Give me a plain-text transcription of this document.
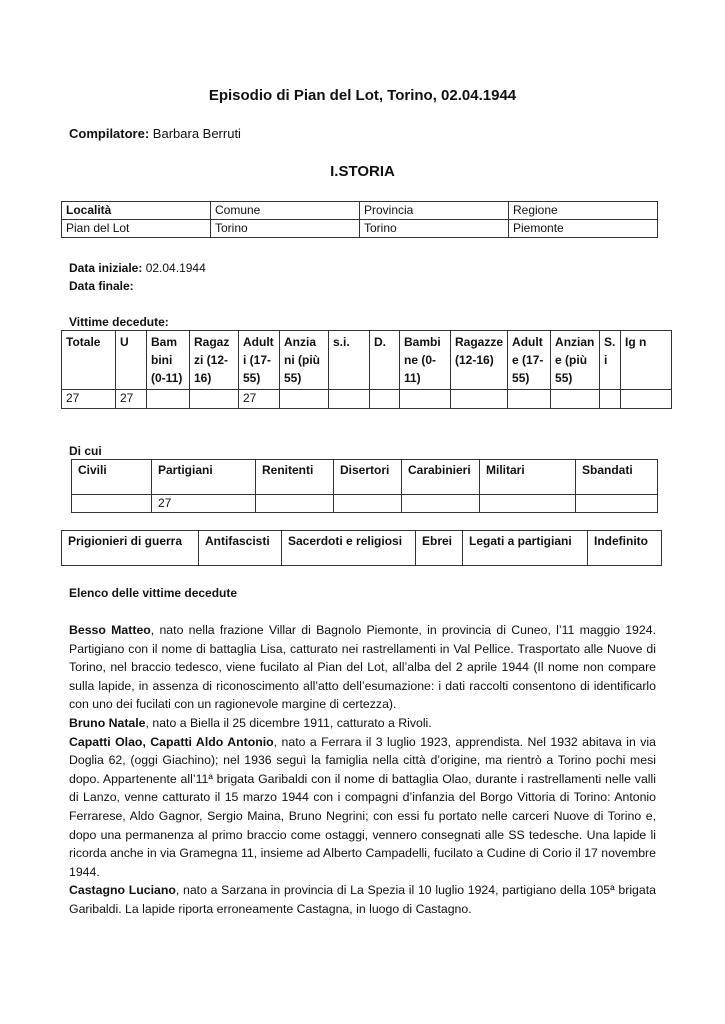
Episodio di Pian del Lot, Torino, 02.04.1944
Compilatore: Barbara Berruti
I.STORIA
Località	Comune	Provincia	Regione
Pian del Lot	Torino	Torino	Piemonte
Data iniziale: 02.04.1944
Data finale:
Vittime decedute:
Totale	U	Bam bini (0-11)	Ragaz zi (12-16)	Adult i (17-55)	Anzia ni (più 55)	s.i.	D.	Bambi ne (0-11)	Ragazze (12-16)	Adult e (17-55)	Anzian e (più 55)	S. i	Ig n
27	27			27									
Di cui
Civili	Partigiani	Renitenti	Disertori	Carabinieri	Militari	Sbandati
	27					
Prigionieri di guerra	Antifascisti	Sacerdoti e religiosi	Ebrei	Legati a partigiani	Indefinito
Elenco delle vittime decedute

Besso Matteo, nato nella frazione Villar di Bagnolo Piemonte, in provincia di Cuneo, l’11 maggio 1924. Partigiano con il nome di battaglia Lisa, catturato nei rastrellamenti in Val Pellice. Trasportato alle Nuove di Torino, nel braccio tedesco, viene fucilato al Pian del Lot, all’alba del 2 aprile 1944 (Il nome non compare sulla lapide, in assenza di riconoscimento all’atto dell’esumazione: i dati raccolti consentono di identificarlo con uno dei fucilati con un ragionevole margine di certezza).

Bruno Natale, nato a Biella il 25 dicembre 1911, catturato a Rivoli.

Capatti Olao, Capatti Aldo Antonio, nato a Ferrara il 3 luglio 1923, apprendista. Nel 1932 abitava in via Doglia 62, (oggi Giachino); nel 1936 seguì la famiglia nella città d’origine, ma rientrò a Torino pochi mesi dopo. Appartenente all’11ª brigata Garibaldi con il nome di battaglia Olao, durante i rastrellamenti nelle valli di Lanzo, venne catturato il 15 marzo 1944 con i compagni d’infanzia del Borgo Vittoria di Torino: Antonio Ferrarese, Aldo Gagnor, Sergio Maina, Bruno Negrini; con essi fu portato nelle carceri Nuove di Torino e, dopo una permanenza al primo braccio come ostaggi, vennero consegnati alle SS tedesche. Una lapide li ricorda anche in via Gramegna 11, insieme ad Alberto Campadelli, fucilato a Cudine di Corio il 17 novembre 1944.

Castagno Luciano, nato a Sarzana in provincia di La Spezia il 10 luglio 1924, partigiano della 105ª brigata Garibaldi. La lapide riporta erroneamente Castagna, in luogo di Castagno.
